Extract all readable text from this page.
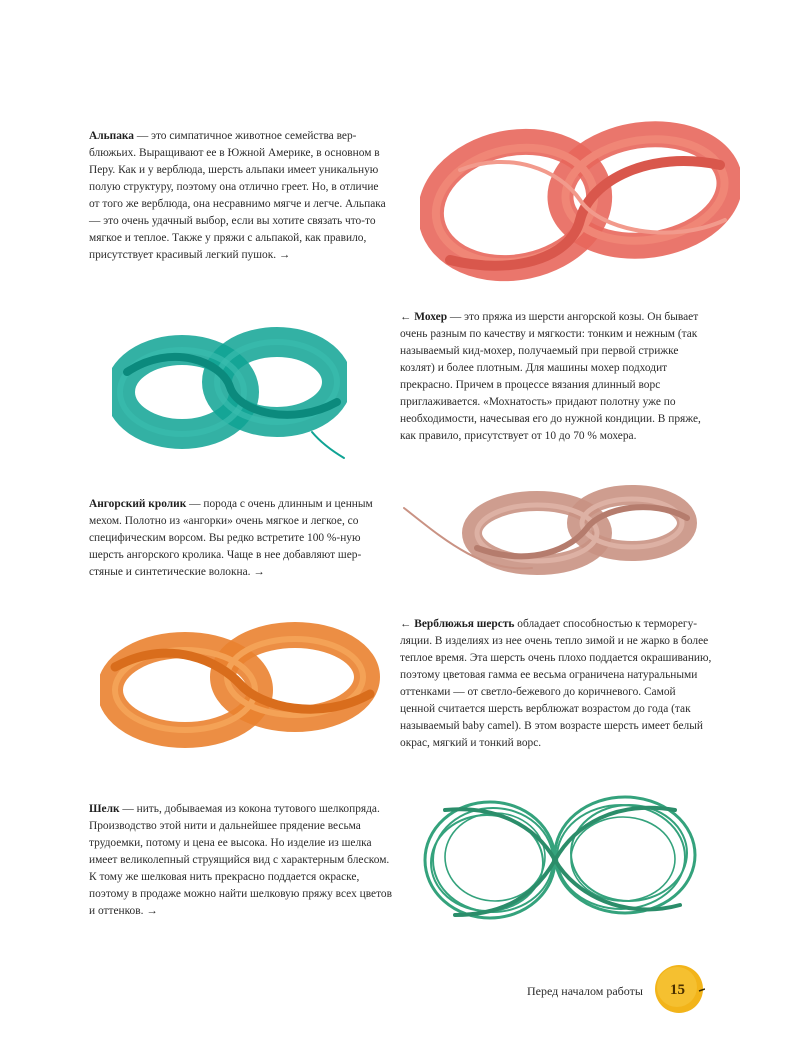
Альпака — это симпатичное животное семейства верблюжьих. Выращивают ее в Южной Америке, в основном в Перу. Как и у верблюда, шерсть альпаки имеет уникальную полую структуру, поэтому она отлично греет. Но, в отличие от того же верблюда, она несравнимо мягче и легче. Альпака — это очень удачный выбор, если вы хотите связать что-то мягкое и теплое. Также у пряжи с альпакой, как правило, присутствует красивый легкий пушок. →

← Мохер — это пряжа из шерсти ангорской козы. Он бывает очень разным по качеству и мягкости: тонким и нежным (так называемый кид-мохер, получаемый при первой стрижке козлят) и более плотным. Для машины мохер подходит прекрасно. Причем в процессе вязания длинный ворс приглаживается. «Мохнатость» придают полотну уже по необходимости, начесывая его до нужной кондиции. В пряже, как правило, присутствует от 10 до 70 % мохера.

Ангорский кролик — порода с очень длинным и ценным мехом. Полотно из «ангорки» очень мягкое и легкое, со специфическим ворсом. Вы редко встретите 100 %-ную шерсть ангорского кролика. Чаще в нее добавляют шерстяные и синтетические волокна. →

← Верблюжья шерсть обладает способностью к терморегуляции. В изделиях из нее очень тепло зимой и не жарко в более теплое время. Эта шерсть очень плохо поддается окрашиванию, поэтому цветовая гамма ее весьма ограничена натуральными оттенками — от светло-бежевого до коричневого. Самой ценной считается шерсть верблюжат возрастом до года (так называемый baby camel). В этом возрасте шерсть имеет белый окрас, мягкий и тонкий ворс.

Шелк — нить, добываемая из кокона тутового шелкопряда. Производство этой нити и дальнейшее прядение весьма трудоемки, потому и цена ее высока. Но изделие из шелка имеет великолепный струящийся вид с характерным блеском. К тому же шелковая нить прекрасно поддается окраске, поэтому в продаже можно найти шелковую пряжу всех цветов и оттенков. →

Перед началом работы 15
